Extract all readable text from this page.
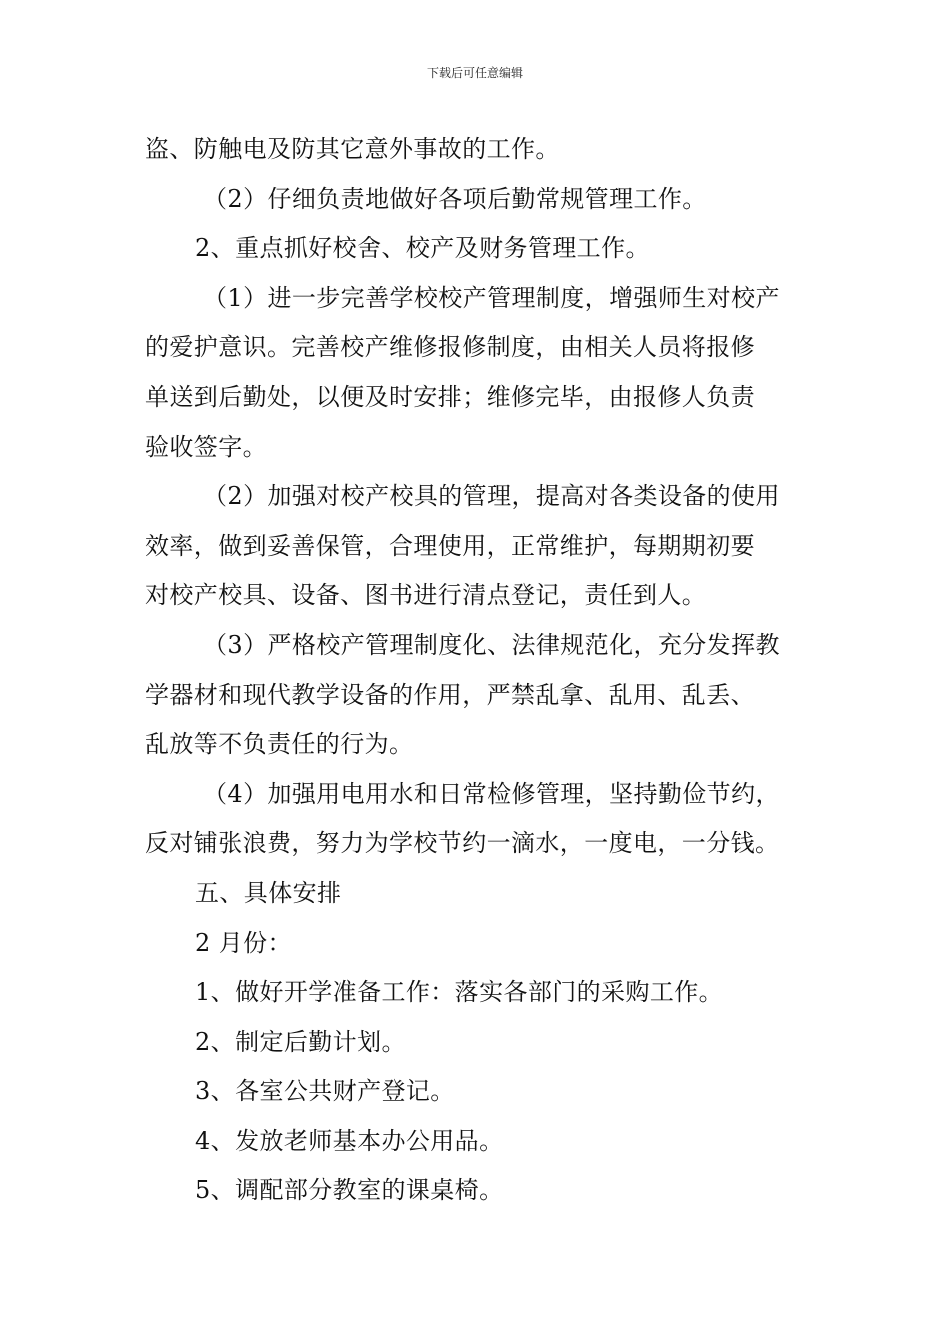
下载后可任意编辑
盗、防触电及防其它意外事故的工作。
（2）仔细负责地做好各项后勤常规管理工作。
2、重点抓好校舍、校产及财务管理工作。
（1）进一步完善学校校产管理制度，增强师生对校产
的爱护意识。完善校产维修报修制度，由相关人员将报修
单送到后勤处，以便及时安排；维修完毕，由报修人负责
验收签字。
（2）加强对校产校具的管理，提高对各类设备的使用
效率，做到妥善保管，合理使用，正常维护，每期期初要
对校产校具、设备、图书进行清点登记，责任到人。
（3）严格校产管理制度化、法律规范化，充分发挥教
学器材和现代教学设备的作用，严禁乱拿、乱用、乱丢、
乱放等不负责任的行为。
（4）加强用电用水和日常检修管理，坚持勤俭节约，
反对铺张浪费，努力为学校节约一滴水，一度电，一分钱。
五、具体安排
2 月份：
1、做好开学准备工作：落实各部门的采购工作。
2、制定后勤计划。
3、各室公共财产登记。
4、发放老师基本办公用品。
5、调配部分教室的课桌椅。
